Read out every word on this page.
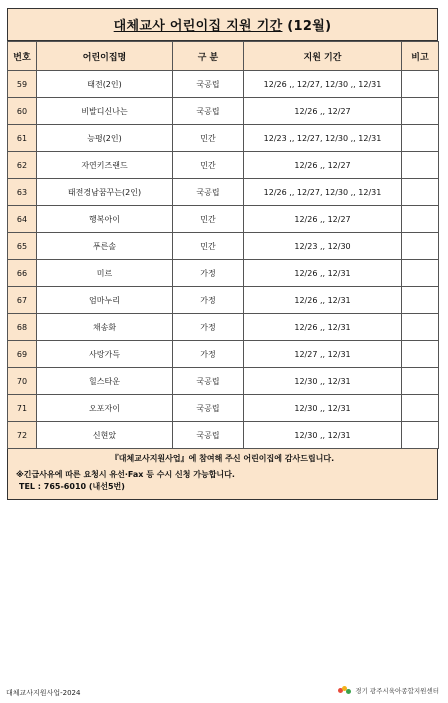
대체교사 어린이집 지원 기간 (12월)
번호	어린이집명	구 분	지원 기간	비고
59	태전(2인)	국공립	12/26 ,, 12/27, 12/30 ,, 12/31	
60	비발디신나는	국공립	12/26 ,, 12/27	
61	능평(2인)	민간	12/23 ,, 12/27, 12/30 ,, 12/31	
62	자연키즈랜드	민간	12/26 ,, 12/27	
63	태전경남꿈꾸는(2인)	국공립	12/26 ,, 12/27, 12/30 ,, 12/31	
64	행복아이	민간	12/26 ,, 12/27	
65	푸른솔	민간	12/23 ,, 12/30	
66	미르	가정	12/26 ,, 12/31	
67	엄마누리	가정	12/26 ,, 12/31	
68	채송화	가정	12/26 ,, 12/31	
69	사랑가득	가정	12/27 ,, 12/31	
70	힐스타운	국공립	12/30 ,, 12/31	
71	오포자이	국공립	12/30 ,, 12/31	
72	신현았	국공립	12/30 ,, 12/31	
『대체교사지원사업』에 참여해 주신 어린이집에 감사드립니다.
※긴급사유에 따른 요청시 유선·Fax 등 수시 신청 가능합니다.
TEL : 765-6010 (내선5번)
대체교사지원사업-2024	경기 광주시육아종합지원센터
